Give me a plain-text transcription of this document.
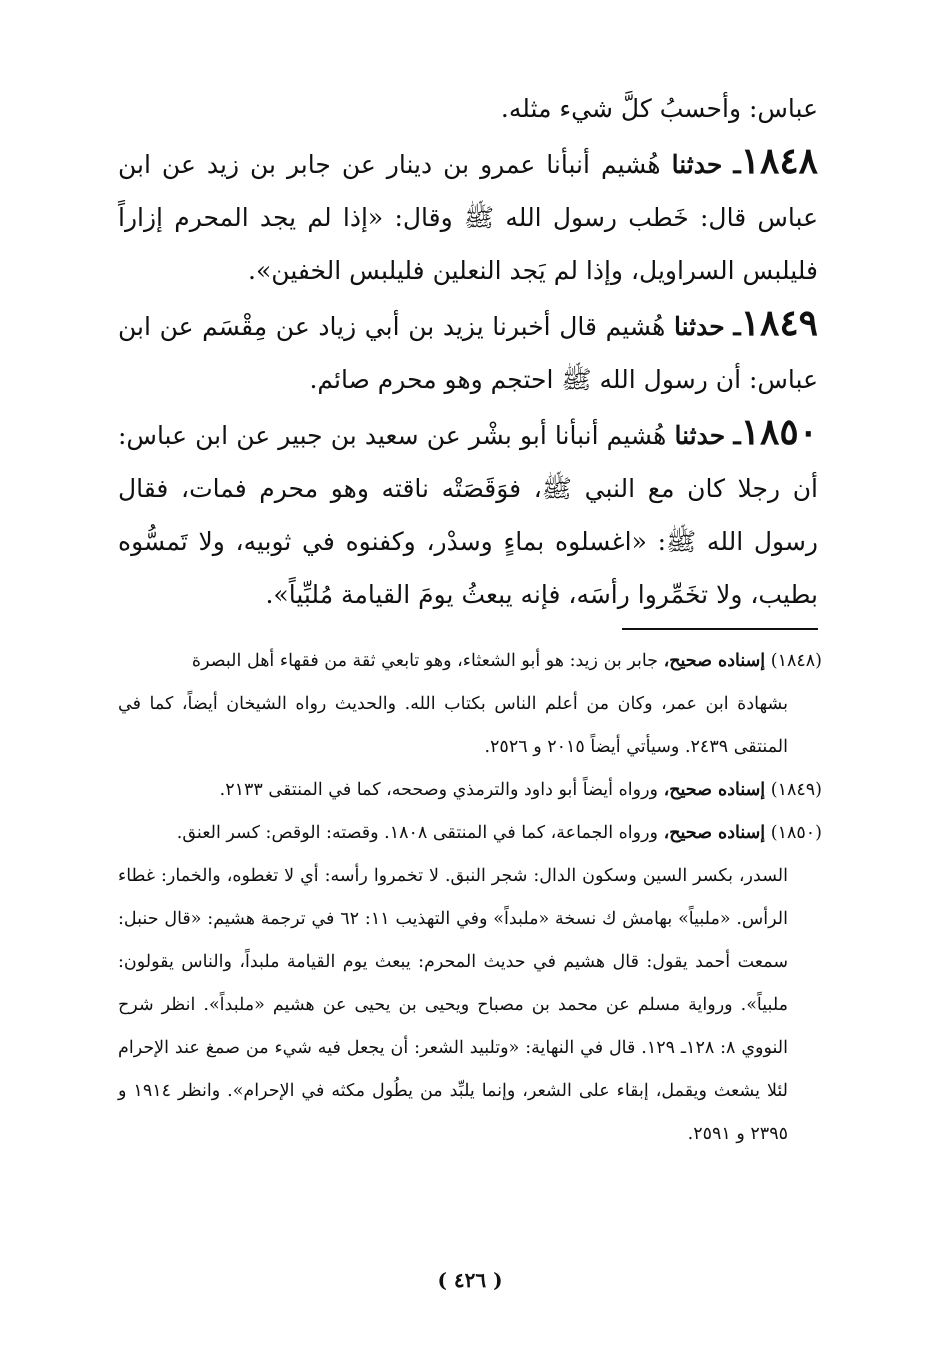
عباس: وأحسبُ كلَّ شيء مثله.

١٨٤٨ـ حدثنا هُشيم أنبأنا عمرو بن دينار عن جابر بن زيد عن ابن عباس قال: خَطب رسول الله ﷺ وقال: «إذا لم يجد المحرم إزاراً فليلبس السراويل، وإذا لم يَجد النعلين فليلبس الخفين».

١٨٤٩ـ حدثنا هُشيم قال أخبرنا يزيد بن أبي زياد عن مِقْسَم عن ابن عباس: أن رسول الله ﷺ احتجم وهو محرم صائم.

١٨٥٠ـ حدثنا هُشيم أنبأنا أبو بشْر عن سعيد بن جبير عن ابن عباس: أن رجلا كان مع النبي ﷺ، فوَقَصَتْه ناقته وهو محرم فمات، فقال رسول الله ﷺ: «اغسلوه بماءٍ وسدْر، وكفنوه في ثوبيه، ولا تَمسُّوه بطيب، ولا تخَمِّروا رأسَه، فإنه يبعثُ يومَ القيامة مُلبِّياً».

(١٨٤٨) إسناده صحيح، جابر بن زيد: هو أبو الشعثاء، وهو تابعي ثقة من فقهاء أهل البصرة
بشهادة ابن عمر، وكان من أعلم الناس بكتاب الله. والحديث رواه الشيخان أيضاً، كما في المنتقى ٢٤٣٩. وسيأتي أيضاً ٢٠١٥ و ٢٥٢٦.
(١٨٤٩) إسناده صحيح، ورواه أيضاً أبو داود والترمذي وصححه، كما في المنتقى ٢١٣٣.
(١٨٥٠) إسناده صحيح، ورواه الجماعة، كما في المنتقى ١٨٠٨. وقصته: الوقص: كسر العنق.
السدر، بكسر السين وسكون الدال: شجر النبق. لا تخمروا رأسه: أي لا تغطوه، والخمار: غطاء الرأس. «ملبياً» بهامش ك نسخة «ملبداً» وفي التهذيب ١١: ٦٢ في ترجمة هشيم: «قال حنبل: سمعت أحمد يقول: قال هشيم في حديث المحرم: يبعث يوم القيامة ملبداً، والناس يقولون: ملبياً». ورواية مسلم عن محمد بن مصباح ويحيى بن يحيى عن هشيم «ملبداً». انظر شرح النووي ٨: ١٢٨ـ ١٢٩. قال في النهاية: «وتلبيد الشعر: أن يجعل فيه شيء من صمغ عند الإحرام لئلا يشعث ويقمل، إبقاء على الشعر، وإنما يلبِّد من يطُول مكثه في الإحرام». وانظر ١٩١٤ و ٢٣٩٥ و ٢٥٩١.
( ٤٢٦ )
